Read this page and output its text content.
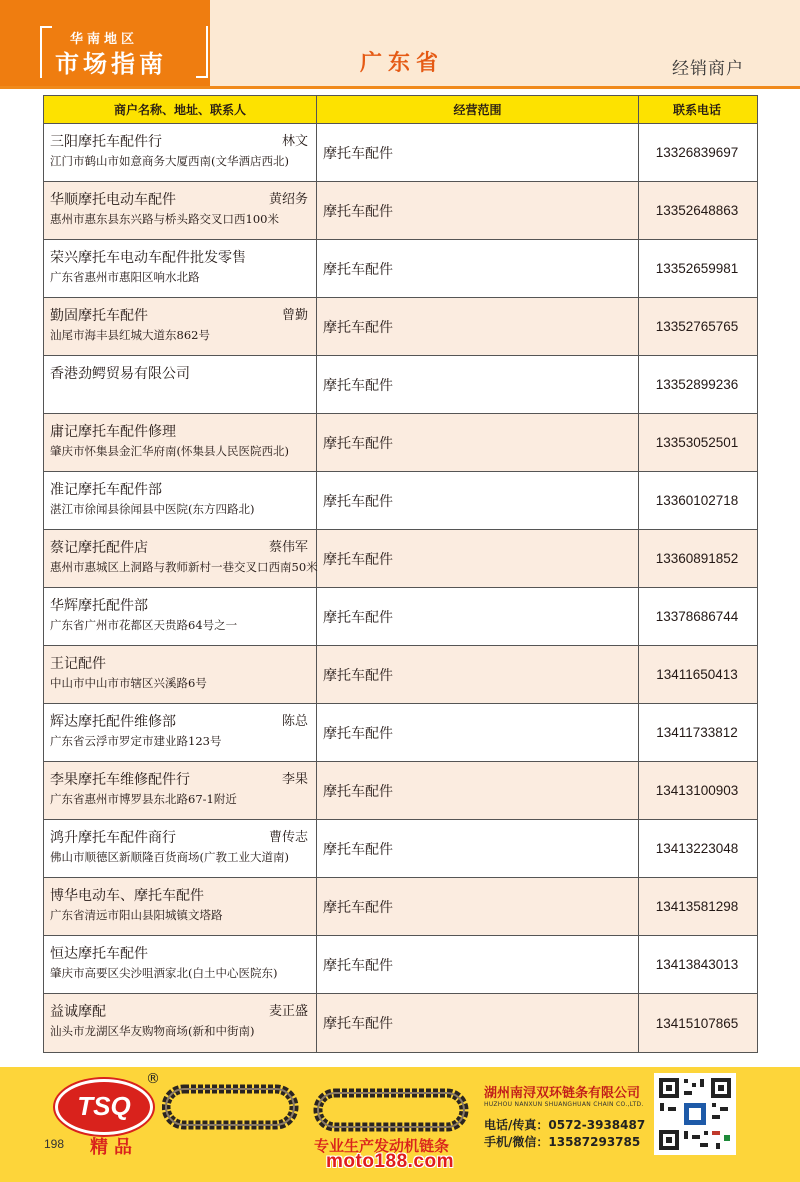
华南地区
市场指南	广东省	经销商户
商户名称、地址、联系人	经营范围	联系电话
三阳摩托车配件行	林文
江门市鹤山市如意商务大厦西南(文华酒店西北)	摩托车配件	13326839697
华顺摩托电动车配件	黄绍务
惠州市惠东县东兴路与桥头路交叉口西100米	摩托车配件	13352648863
荣兴摩托车电动车配件批发零售
广东省惠州市惠阳区响水北路	摩托车配件	13352659981
勤固摩托车配件	曾勤
汕尾市海丰县红城大道东862号	摩托车配件	13352765765
香港劲鳄贸易有限公司
摩托车配件	13352899236
庸记摩托车配件修理
肇庆市怀集县金汇华府南(怀集县人民医院西北)	摩托车配件	13353052501
准记摩托车配件部
湛江市徐闻县徐闻县中医院(东方四路北)	摩托车配件	13360102718
蔡记摩托配件店	蔡伟军
惠州市惠城区上洞路与教师新村一巷交叉口西南50米 摩托车配件	13360891852
华辉摩托配件部
广东省广州市花都区天贵路64号之一	摩托车配件	13378686744
王记配件
中山市中山市市辖区兴溪路6号	摩托车配件	13411650413
辉达摩托配件维修部	陈总
广东省云浮市罗定市建业路123号	摩托车配件	13411733812
李果摩托车维修配件行	李果
广东省惠州市博罗县东北路67-1附近	摩托车配件	13413100903
鸿升摩托车配件商行	曹传志
佛山市顺德区新顺隆百货商场(广教工业大道南)	摩托车配件	13413223048
博华电动车、摩托车配件
广东省清远市阳山县阳城镇文塔路	摩托车配件	13413581298
恒达摩托车配件
肇庆市高要区尖沙咀酒家北(白土中心医院东)	摩托车配件	13413843013
益诚摩配	麦正盛
汕头市龙湖区华友购物商场(新和中街南)	摩托车配件	13415107865
TSQ
®
198 精品	专业生产发动机链条
湖州南浔双环链条有限公司
HUZHOU NANXUN SHUANGHUAN CHAIN CO.,LTD.
电话/传真：0572-3938487
手机/微信：13587293785
moto188.com
